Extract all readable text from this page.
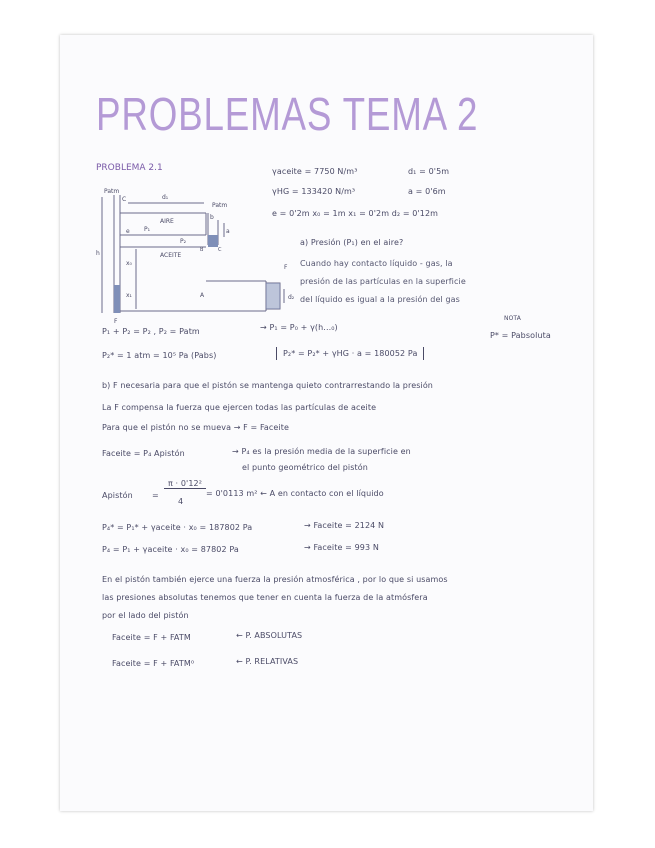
PROBLEMAS TEMA 2
PROBLEMA 2.1	γaceite = 7750 N/m³	d₁ = 0'5m
γHG = 133420 N/m³	a = 0'6m
e = 0'2m x₀ = 1m x₁ = 0'2m d₂ = 0'12m
Patm
C	d₁
Patm
b
AIRE
e P₁
P₂
a
h	ACEITE
x₀
x₁	A
F
d₂
F
C
B
a) Presión (P₁) en el aire?
Cuando hay contacto líquido - gas, la
presión de las partículas en la superficie
del líquido es igual a la presión del gas
P₁ + P₂ = P₂ , P₂ = Patm	→ P₁ = P₀ + γ(h...₀)
NOTA
P* = Pabsoluta
P₂* = 1 atm = 10⁵ Pa (Pabs)	P₂* = P₂* + γHG · a = 180052 Pa
b) F necesaria para que el pistón se mantenga quieto contrarrestando la presión
La F compensa la fuerza que ejercen todas las partículas de aceite
Para que el pistón no se mueva → F = Faceite
Faceite = P₄ Apistón	→ P₄ es la presión media de la superficie en
el punto geométrico del pistón
Apistón =
π · 0'12²
4
= 0'0113 m² ← A en contacto con el líquido
P₄* = P₁* + γaceite · x₀ = 187802 Pa	→ Faceite = 2124 N
P₄ = P₁ + γaceite · x₀ = 87802 Pa	→ Faceite = 993 N
En el pistón también ejerce una fuerza la presión atmosférica , por lo que si usamos
las presiones absolutas tenemos que tener en cuenta la fuerza de la atmósfera
por el lado del pistón
Faceite = F + FATM	← P. ABSOLUTAS
Faceite = F + FATM⁰	← P. RELATIVAS
